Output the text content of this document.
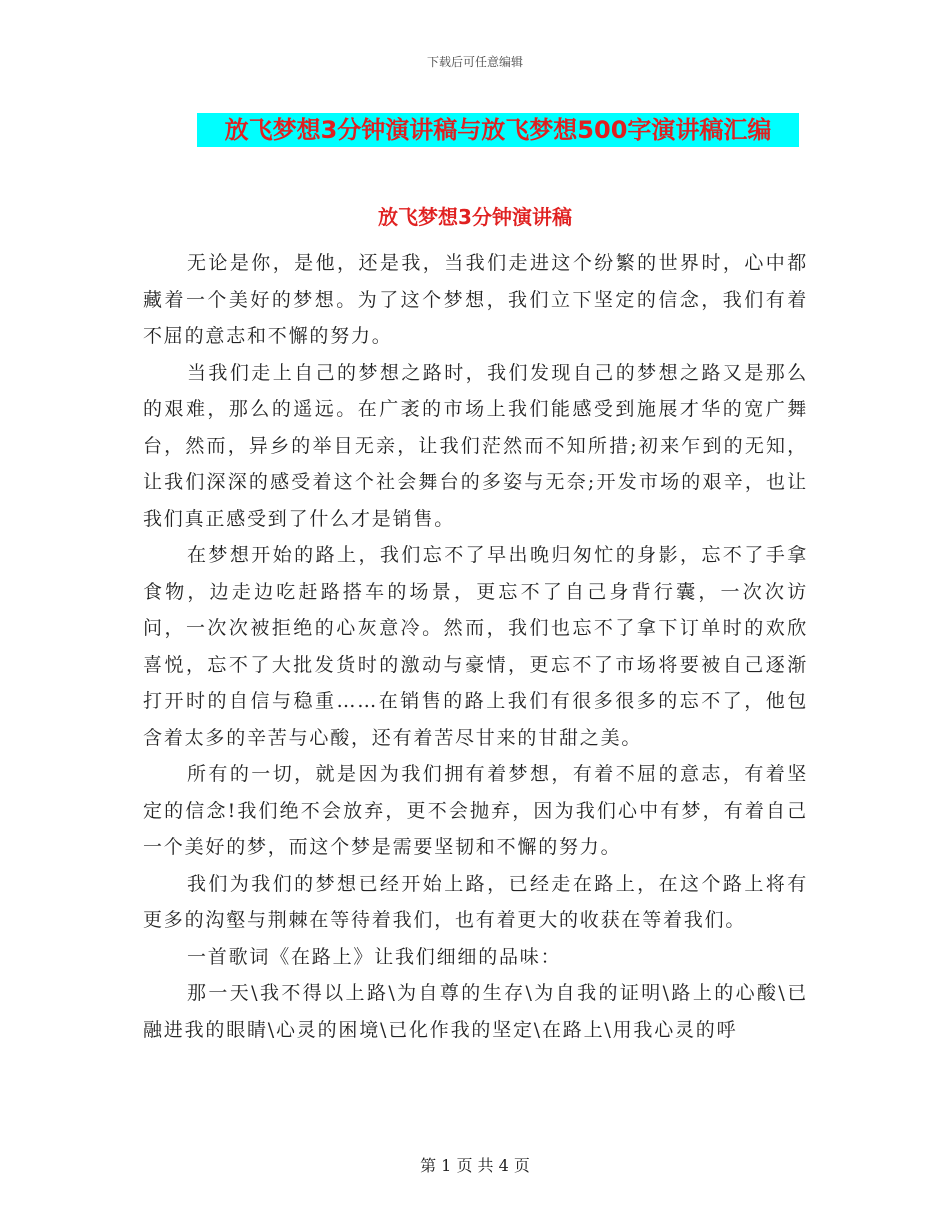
下载后可任意编辑
放飞梦想3分钟演讲稿与放飞梦想500字演讲稿汇编
放飞梦想3分钟演讲稿

无论是你，是他，还是我，当我们走进这个纷繁的世界时，心中都藏着一个美好的梦想。为了这个梦想，我们立下坚定的信念，我们有着不屈的意志和不懈的努力。

当我们走上自己的梦想之路时，我们发现自己的梦想之路又是那么的艰难，那么的遥远。在广袤的市场上我们能感受到施展才华的宽广舞台，然而，异乡的举目无亲，让我们茫然而不知所措;初来乍到的无知，让我们深深的感受着这个社会舞台的多姿与无奈;开发市场的艰辛，也让我们真正感受到了什么才是销售。

在梦想开始的路上，我们忘不了早出晚归匆忙的身影，忘不了手拿食物，边走边吃赶路搭车的场景，更忘不了自己身背行囊，一次次访问，一次次被拒绝的心灰意冷。然而，我们也忘不了拿下订单时的欢欣喜悦，忘不了大批发货时的激动与豪情，更忘不了市场将要被自己逐渐打开时的自信与稳重……在销售的路上我们有很多很多的忘不了，他包含着太多的辛苦与心酸，还有着苦尽甘来的甘甜之美。

所有的一切，就是因为我们拥有着梦想，有着不屈的意志，有着坚定的信念!我们绝不会放弃，更不会抛弃，因为我们心中有梦，有着自己一个美好的梦，而这个梦是需要坚韧和不懈的努力。

我们为我们的梦想已经开始上路，已经走在路上，在这个路上将有更多的沟壑与荆棘在等待着我们，也有着更大的收获在等着我们。

一首歌词《在路上》让我们细细的品味：

那一天\我不得以上路\为自尊的生存\为自我的证明\路上的心酸\已融进我的眼睛\心灵的困境\已化作我的坚定\在路上\用我心灵的呼

第 1 页 共 4 页
